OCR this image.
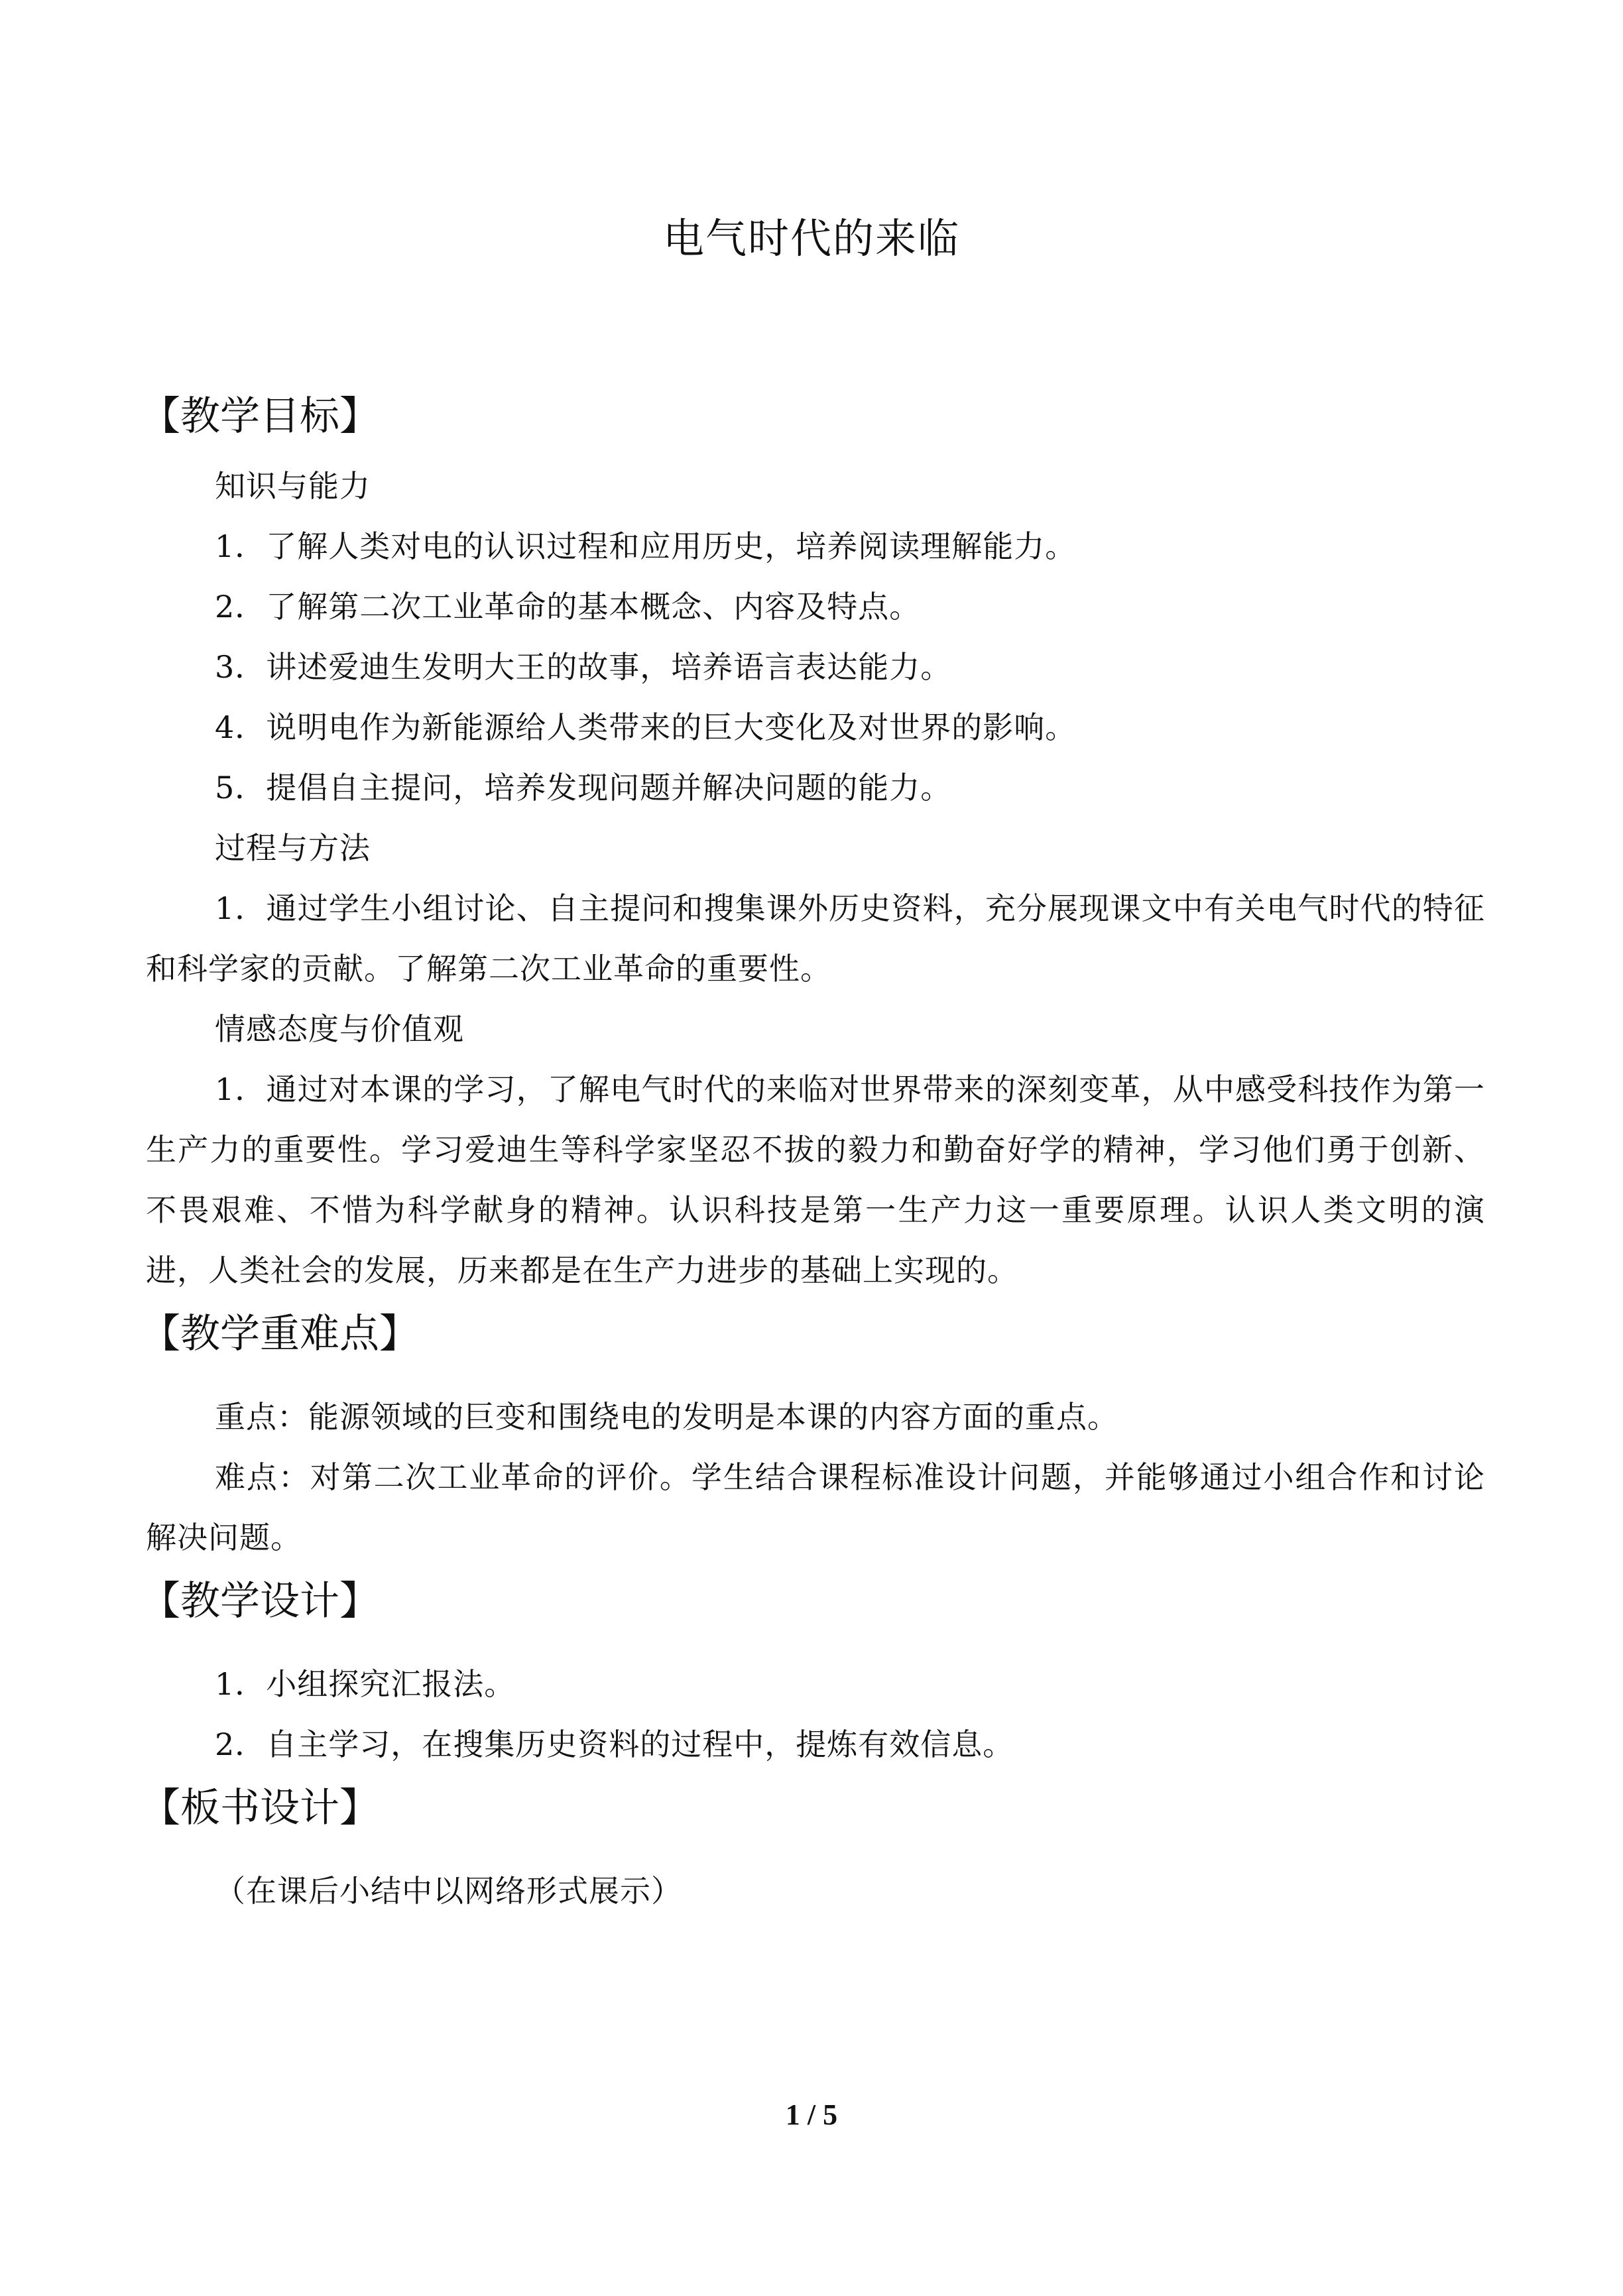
电气时代的来临
【教学目标】
知识与能力
1．了解人类对电的认识过程和应用历史，培养阅读理解能力。
2．了解第二次工业革命的基本概念、内容及特点。
3．讲述爱迪生发明大王的故事，培养语言表达能力。
4．说明电作为新能源给人类带来的巨大变化及对世界的影响。
5．提倡自主提问，培养发现问题并解决问题的能力。
过程与方法
1．通过学生小组讨论、自主提问和搜集课外历史资料，充分展现课文中有关电气时代的特征和科学家的贡献。了解第二次工业革命的重要性。
情感态度与价值观
1．通过对本课的学习，了解电气时代的来临对世界带来的深刻变革，从中感受科技作为第一生产力的重要性。学习爱迪生等科学家坚忍不拔的毅力和勤奋好学的精神，学习他们勇于创新、不畏艰难、不惜为科学献身的精神。认识科技是第一生产力这一重要原理。认识人类文明的演进，人类社会的发展，历来都是在生产力进步的基础上实现的。
【教学重难点】
重点：能源领域的巨变和围绕电的发明是本课的内容方面的重点。
难点：对第二次工业革命的评价。学生结合课程标准设计问题，并能够通过小组合作和讨论解决问题。
【教学设计】
1．小组探究汇报法。
2．自主学习，在搜集历史资料的过程中，提炼有效信息。
【板书设计】
（在课后小结中以网络形式展示）
1 / 5
